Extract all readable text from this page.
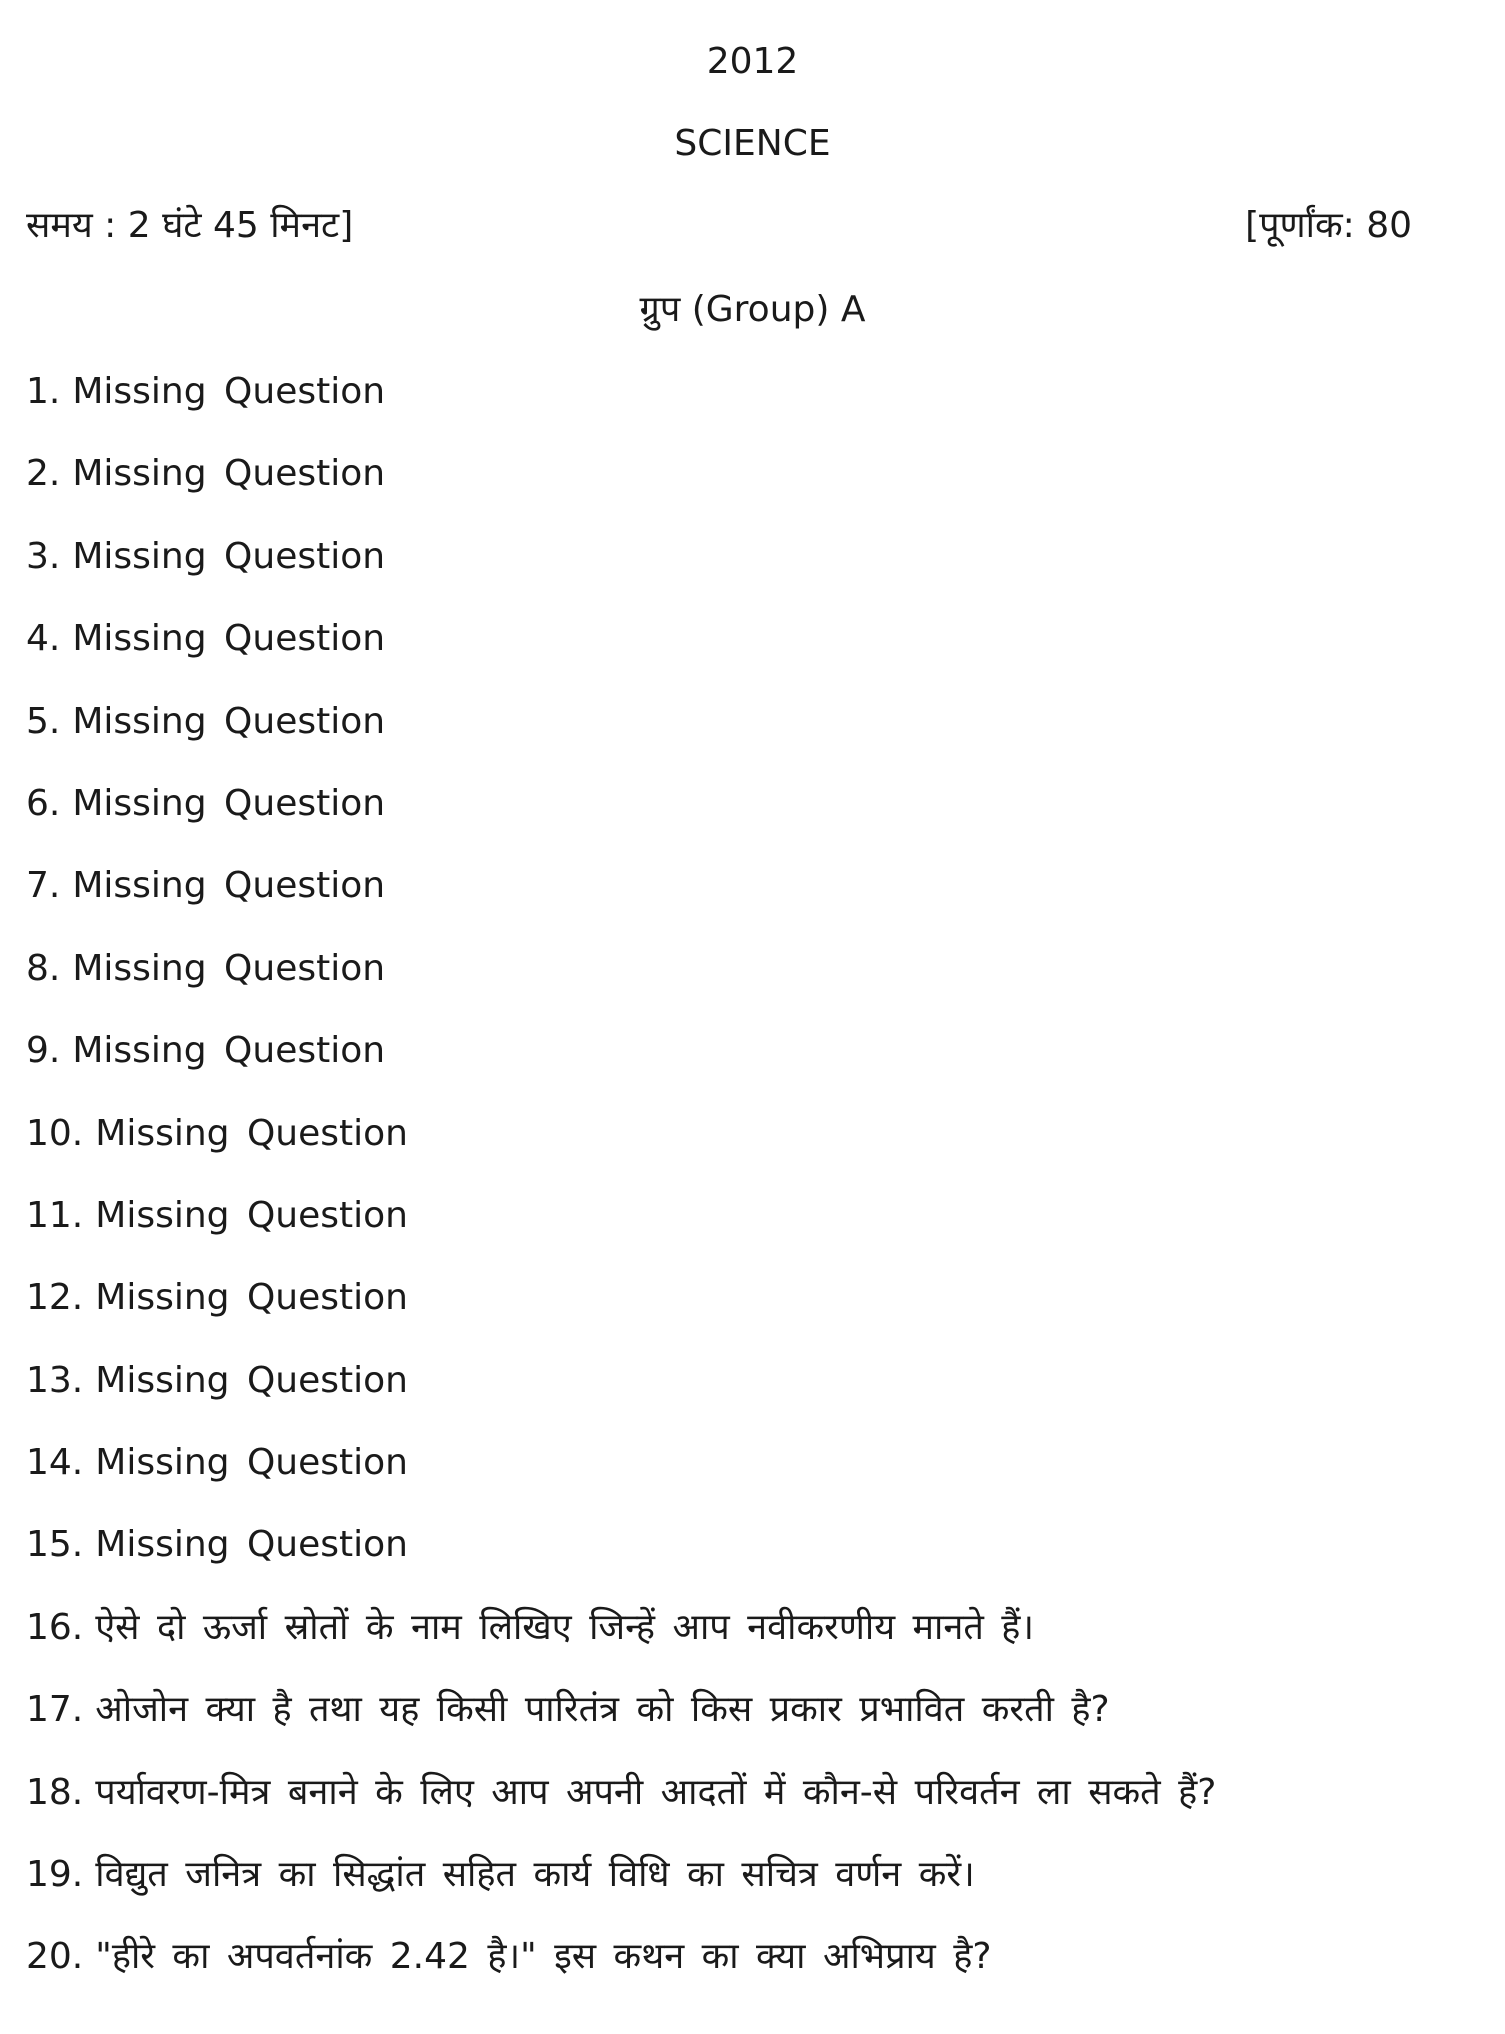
2012
SCIENCE
समय : 2 घंटे 45 मिनट]	[पूर्णांक: 80
ग्रुप (Group) A
1. Missing Question
2. Missing Question
3. Missing Question
4. Missing Question
5. Missing Question
6. Missing Question
7. Missing Question
8. Missing Question
9. Missing Question
10. Missing Question
11. Missing Question
12. Missing Question
13. Missing Question
14. Missing Question
15. Missing Question
16. ऐसे दो ऊर्जा स्रोतों के नाम लिखिए जिन्हें आप नवीकरणीय मानते हैं।
17. ओजोन क्या है तथा यह किसी पारितंत्र को किस प्रकार प्रभावित करती है?
18. पर्यावरण-मित्र बनाने के लिए आप अपनी आदतों में कौन-से परिवर्तन ला सकते हैं?
19. विद्युत जनित्र का सिद्धांत सहित कार्य विधि का सचित्र वर्णन करें।
20. "हीरे का अपवर्तनांक 2.42 है।" इस कथन का क्या अभिप्राय है?
